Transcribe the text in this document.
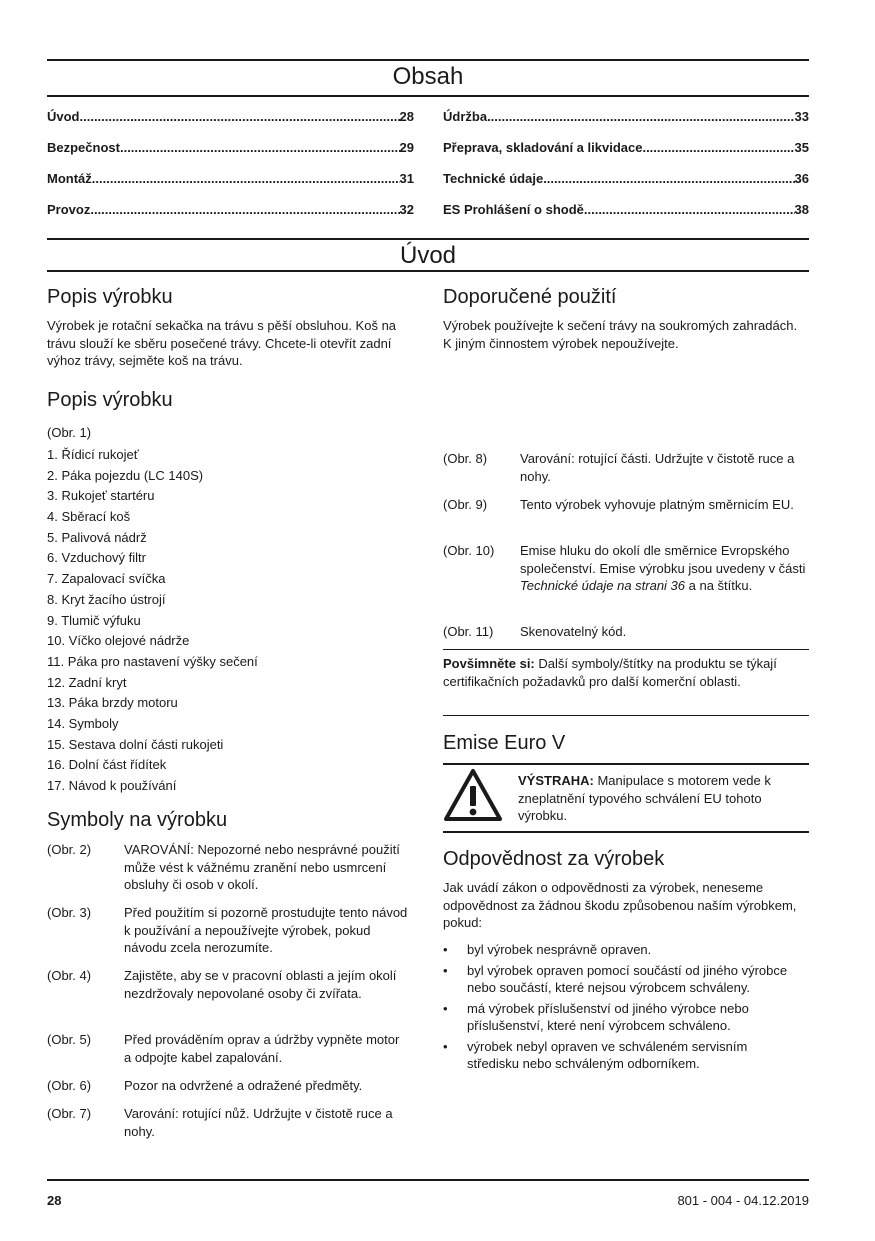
Obsah
Úvod .....	28
Bezpečnost .....	29
Montáž .....	31
Provoz .....	32
Údržba .....	33
Přeprava, skladování a likvidace .....	35
Technické údaje .....	36
ES Prohlášení o shodě .....	38
Úvod
Popis výrobku

Výrobek je rotační sekačka na trávu s pěší obsluhou. Koš na trávu slouží ke sběru posečené trávy. Chcete-li otevřít zadní výhoz trávy, sejměte koš na trávu.

Popis výrobku
(Obr. 1)
1. Řídicí rukojeť
2. Páka pojezdu (LC 140S)
3. Rukojeť startéru
4. Sběrací koš
5. Palivová nádrž
6. Vzduchový filtr
7. Zapalovací svíčka
8. Kryt žacího ústrojí
9. Tlumič výfuku
10. Víčko olejové nádrže
11. Páka pro nastavení výšky sečení
12. Zadní kryt
13. Páka brzdy motoru
14. Symboly
15. Sestava dolní části rukojeti
16. Dolní část řídítek
17. Návod k používání
Symboly na výrobku
(Obr. 2)	VAROVÁNÍ: Nepozorné nebo nesprávné použití může vést k vážnému zranění nebo usmrcení obsluhy či osob v okolí.
(Obr. 3)	Před použitím si pozorně prostudujte tento návod k používání a nepoužívejte výrobek, pokud návodu zcela nerozumíte.
(Obr. 4)	Zajistěte, aby se v pracovní oblasti a jejím okolí nezdržovaly nepovolané osoby či zvířata.
(Obr. 5)	Před prováděním oprav a údržby vypněte motor a odpojte kabel zapalování.
(Obr. 6)	Pozor na odvržené a odražené předměty.
(Obr. 7)	Varování: rotující nůž. Udržujte v čistotě ruce a nohy.
Doporučené použití

Výrobek používejte k sečení trávy na soukromých zahradách. K jiným činnostem výrobek nepoužívejte.

(Obr. 8)	Varování: rotující části. Udržujte v čistotě ruce a nohy.
(Obr. 9)	Tento výrobek vyhovuje platným směrnicím EU.
(Obr. 10) Emise hluku do okolí dle směrnice Evropského společenství. Emise výrobku jsou uvedeny v části Technické údaje na strani 36 a na štítku.
(Obr. 11) Skenovatelný kód.

Povšimněte si: Další symboly/štítky na produktu se týkají certifikačních požadavků pro další komerční oblasti.

Emise Euro V

VÝSTRAHA: Manipulace s motorem vede k zneplatnění typového schválení EU tohoto výrobku.

Odpovědnost za výrobek

Jak uvádí zákon o odpovědnosti za výrobek, neneseme odpovědnost za žádnou škodu způsobenou naším výrobkem, pokud:

• byl výrobek nesprávně opraven.
• byl výrobek opraven pomocí součástí od jiného výrobce nebo součástí, které nejsou výrobcem schváleny.
• má výrobek příslušenství od jiného výrobce nebo příslušenství, které není výrobcem schváleno.
• výrobek nebyl opraven ve schváleném servisním středisku nebo schváleným odborníkem.
28	801 - 004 - 04.12.2019
